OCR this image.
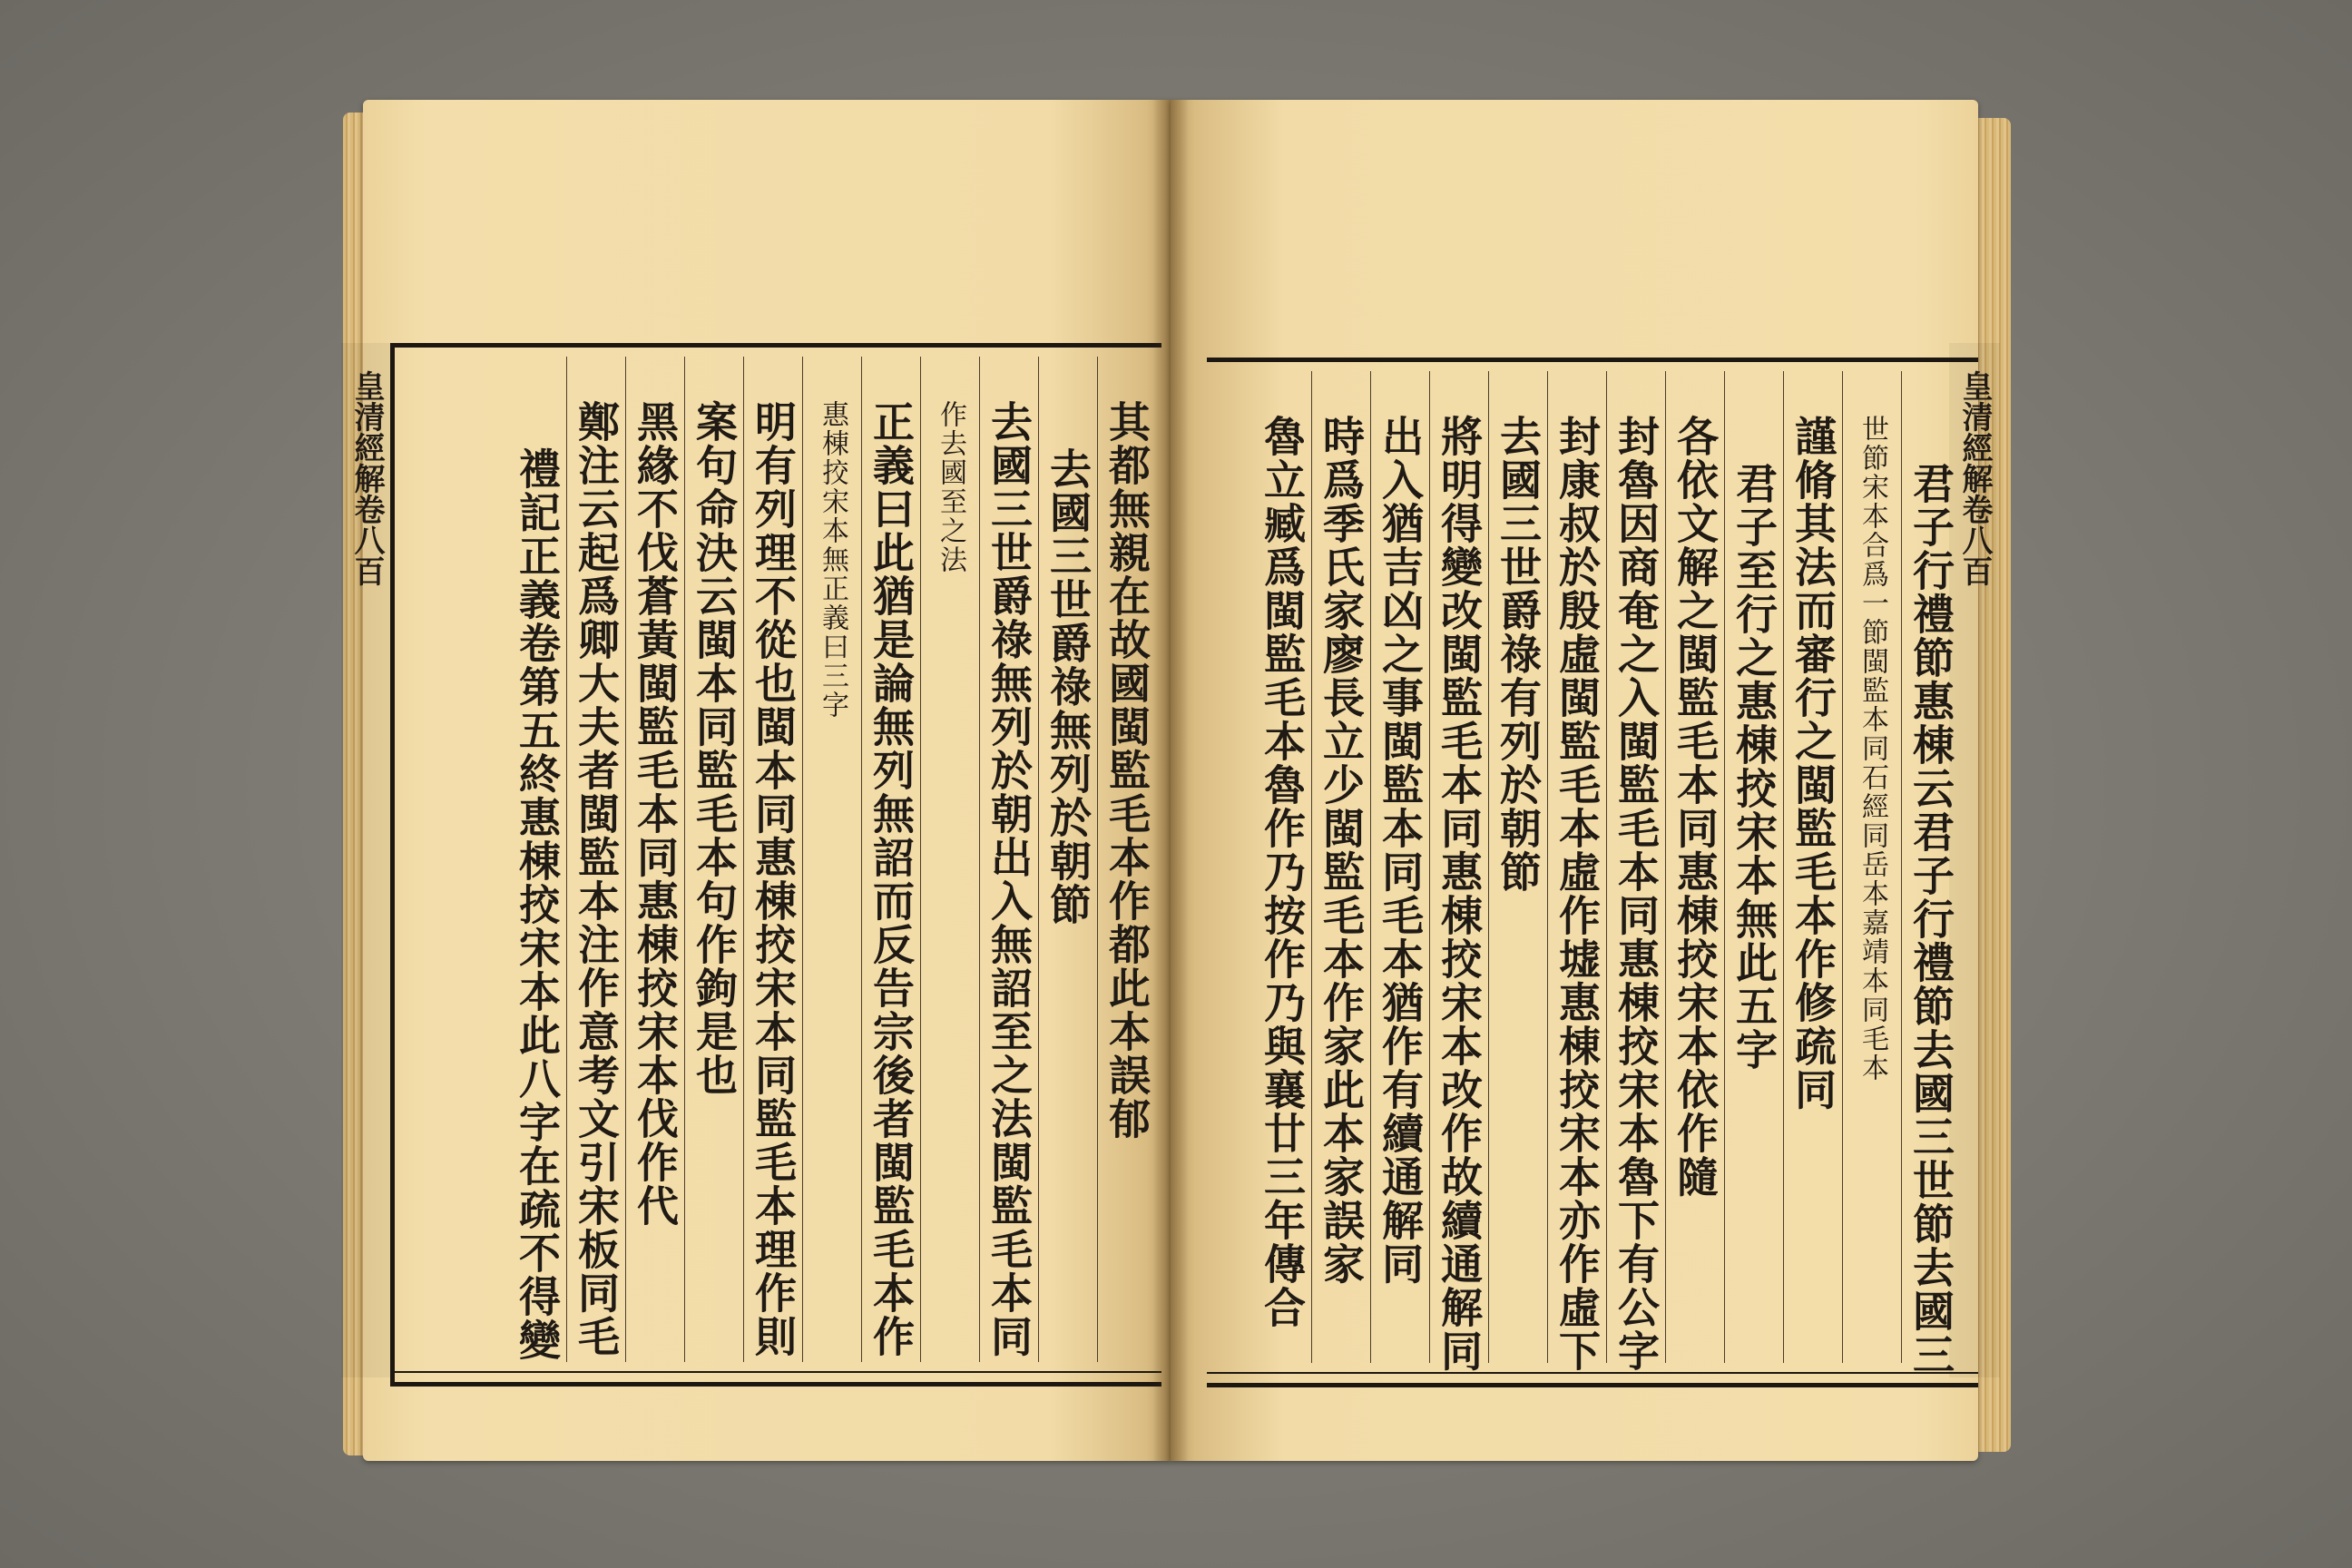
皇清經解卷八百	其都無親在故國閩監毛本作都此本誤郁
去國三世爵祿無列於朝節
去國三世爵祿無列於朝出入無詔至之法閩監毛本同
作去國至之法
正義曰此猶是論無列無詔而反告宗後者閩監毛本作
惠棟挍宋本無正義曰三字
明有列理不從也閩本同惠棟挍宋本同監毛本理作則
案句命決云閩本同監毛本句作鉤是也
黑緣不伐蒼黃閩監毛本同惠棟挍宋本伐作代
鄭注云起爲卿大夫者閩監本注作意考文引宋板同毛
禮記正義卷第五終惠棟挍宋本此八字在疏不得變	皇清經解卷八百
君子行禮節惠棟云君子行禮節去國三世節去國三
世節宋本合爲一節閩監本同石經同岳本嘉靖本同毛本
謹脩其法而審行之閩監毛本作修疏同
君子至行之惠棟挍宋本無此五字
各依文解之閩監毛本同惠棟挍宋本依作隨
封魯因商奄之入閩監毛本同惠棟挍宋本魯下有公字
封康叔於殷虛閩監毛本虛作墟惠棟挍宋本亦作虛下
去國三世爵祿有列於朝節
將明得變改閩監毛本同惠棟挍宋本改作故續通解同
出入猶吉凶之事閩監本同毛本猶作有續通解同
時爲季氏家廖長立少閩監毛本作家此本家誤家
魯立臧爲閩監毛本魯作乃按作乃與襄廿三年傳合
